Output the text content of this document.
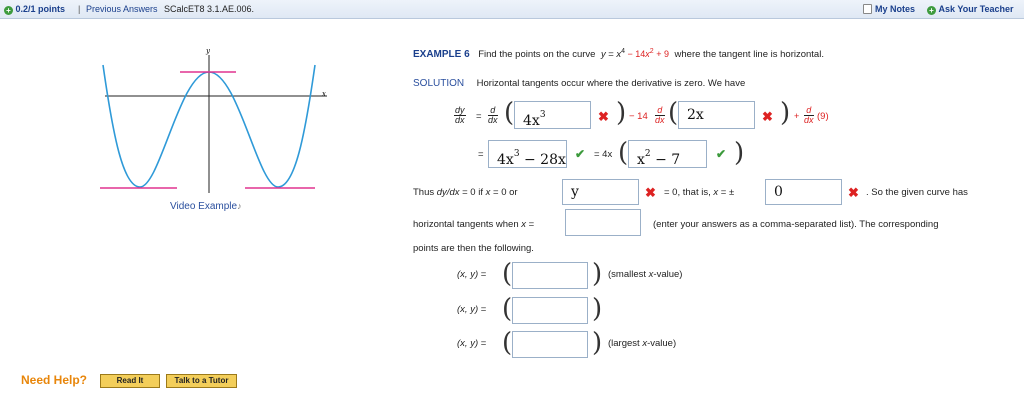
+ 0.2/1 points | Previous Answers SCalcET8 3.1.AE.006.	My Notes + Ask Your Teacher
y
x
Video Example♪
EXAMPLE 6 Find the points on the curve $y = x^4 - 14x^2 + 9$ where the tangent line is horizontal.
SOLUTION Horizontal tangents occur where the derivative is zero. We have
$\frac{dy}{dx} = \frac{d}{dx}$ ( $4x^3$	✖ ) − $14 \frac{d}{dx}$ ( 2x	✖ ) + $\frac{d}{dx} (9)$
= $4x^3 - 28x$ ✔ = 4x ( $x^2 - 7$	✔ )
Thus dy/dx = 0 if x = 0 or	y	✖ = 0, that is, x = ±	0	✖ . So the given curve has
horizontal tangents when x =	(enter your answers as a comma-separated list). The corresponding
points are then the following.
(x, y) = (	) (smallest x-value)
(x, y) = (	)
(x, y) = (	) (largest x-value)
Need Help?	Read It	Talk to a Tutor
